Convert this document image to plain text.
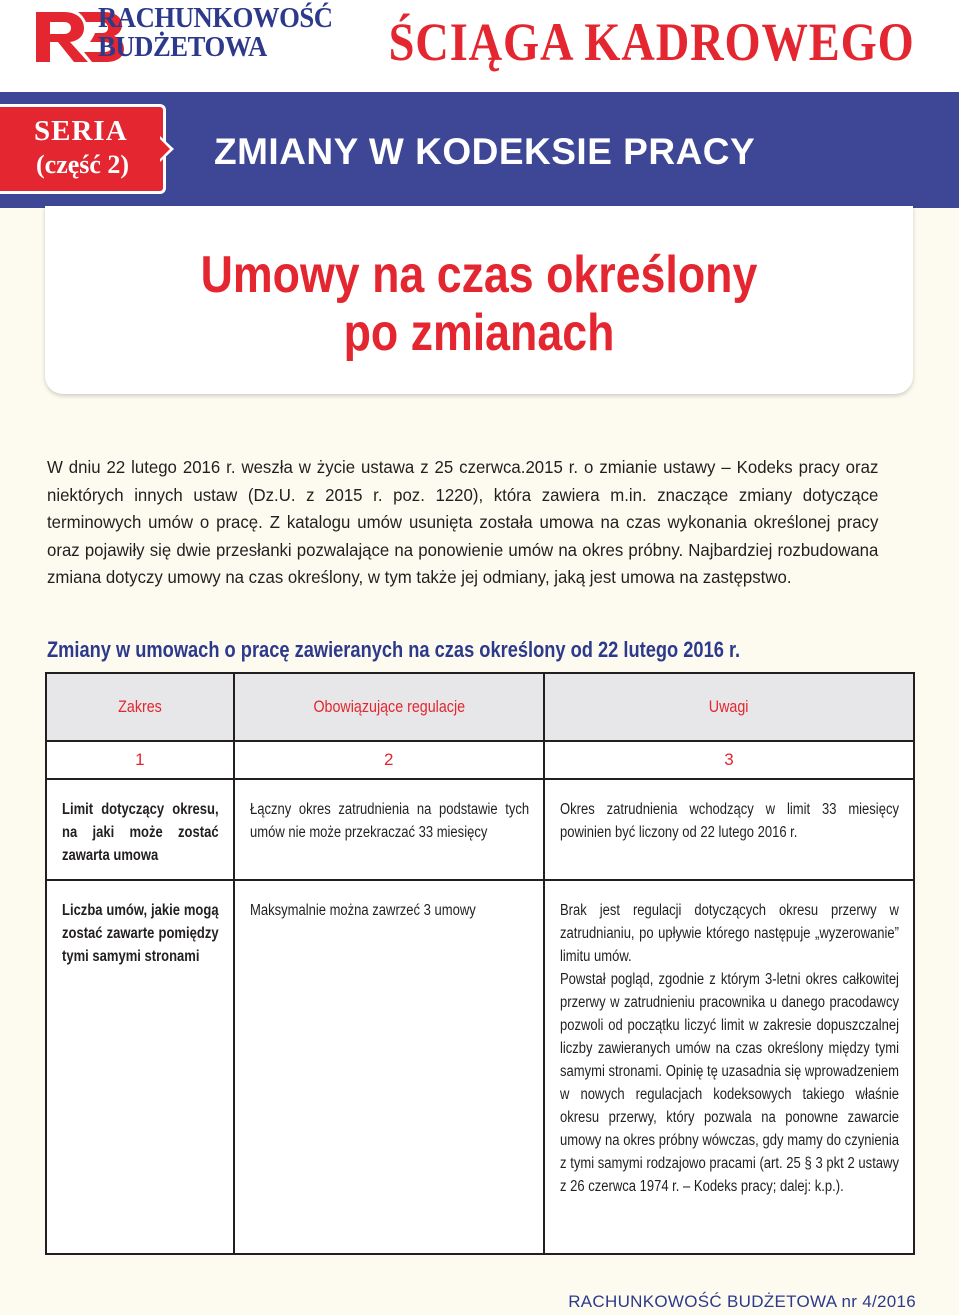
RACHUNKOWOŚĆ
BUDŻETOWA	ŚCIĄGA KADROWEGO
SERIA
(część 2) ZMIANY W KODEKSIE PRACY
Umowy na czas określony
po zmianach
W dniu 22 lutego 2016 r. weszła w życie ustawa z 25 czerwca.2015 r. o zmianie ustawy – Kodeks pracy oraz niektórych innych ustaw (Dz.U. z 2015 r. poz. 1220), która zawiera m.in. znaczące zmiany dotyczące terminowych umów o pracę. Z katalogu umów usunięta została umowa na czas wykonania określonej pracy oraz pojawiły się dwie przesłanki pozwalające na ponowienie umów na okres próbny. Najbardziej rozbudowana zmiana dotyczy umowy na czas określony, w tym także jej odmiany, jaką jest umowa na zastępstwo.
Zmiany w umowach o pracę zawieranych na czas określony od 22 lutego 2016 r.
Zakres	Obowiązujące regulacje	Uwagi
1	2	3

Limit dotyczący okresu, na jaki może zostać zawarta umowa	Łączny okres zatrudnienia na podstawie tych umów nie może przekraczać 33 miesięcy	Okres zatrudnienia wchodzący w limit 33 miesięcy powinien być liczony od 22 lutego 2016 r.

Liczba umów, jakie mogą zostać zawarte pomiędzy tymi samymi stronami	Maksymalnie można zawrzeć 3 umowy	Brak jest regulacji dotyczących okresu przerwy w zatrudnianiu, po upływie którego następuje „wyzerowanie” limitu umów.
Powstał pogląd, zgodnie z którym 3-letni okres całkowitej przerwy w zatrudnieniu pracownika u danego pracodawcy pozwoli od początku liczyć limit w zakresie dopuszczalnej liczby zawieranych umów na czas określony między tymi samymi stronami. Opinię tę uzasadnia się wprowadzeniem w nowych regulacjach kodeksowych takiego właśnie okresu przerwy, który pozwala na ponowne zawarcie umowy na okres próbny wówczas, gdy mamy do czynienia z tymi samymi rodzajowo pracami (art. 25 § 3 pkt 2 ustawy z 26 czerwca 1974 r. – Kodeks pracy; dalej: k.p.).
RACHUNKOWOŚĆ BUDŻETOWA nr 4/2016
